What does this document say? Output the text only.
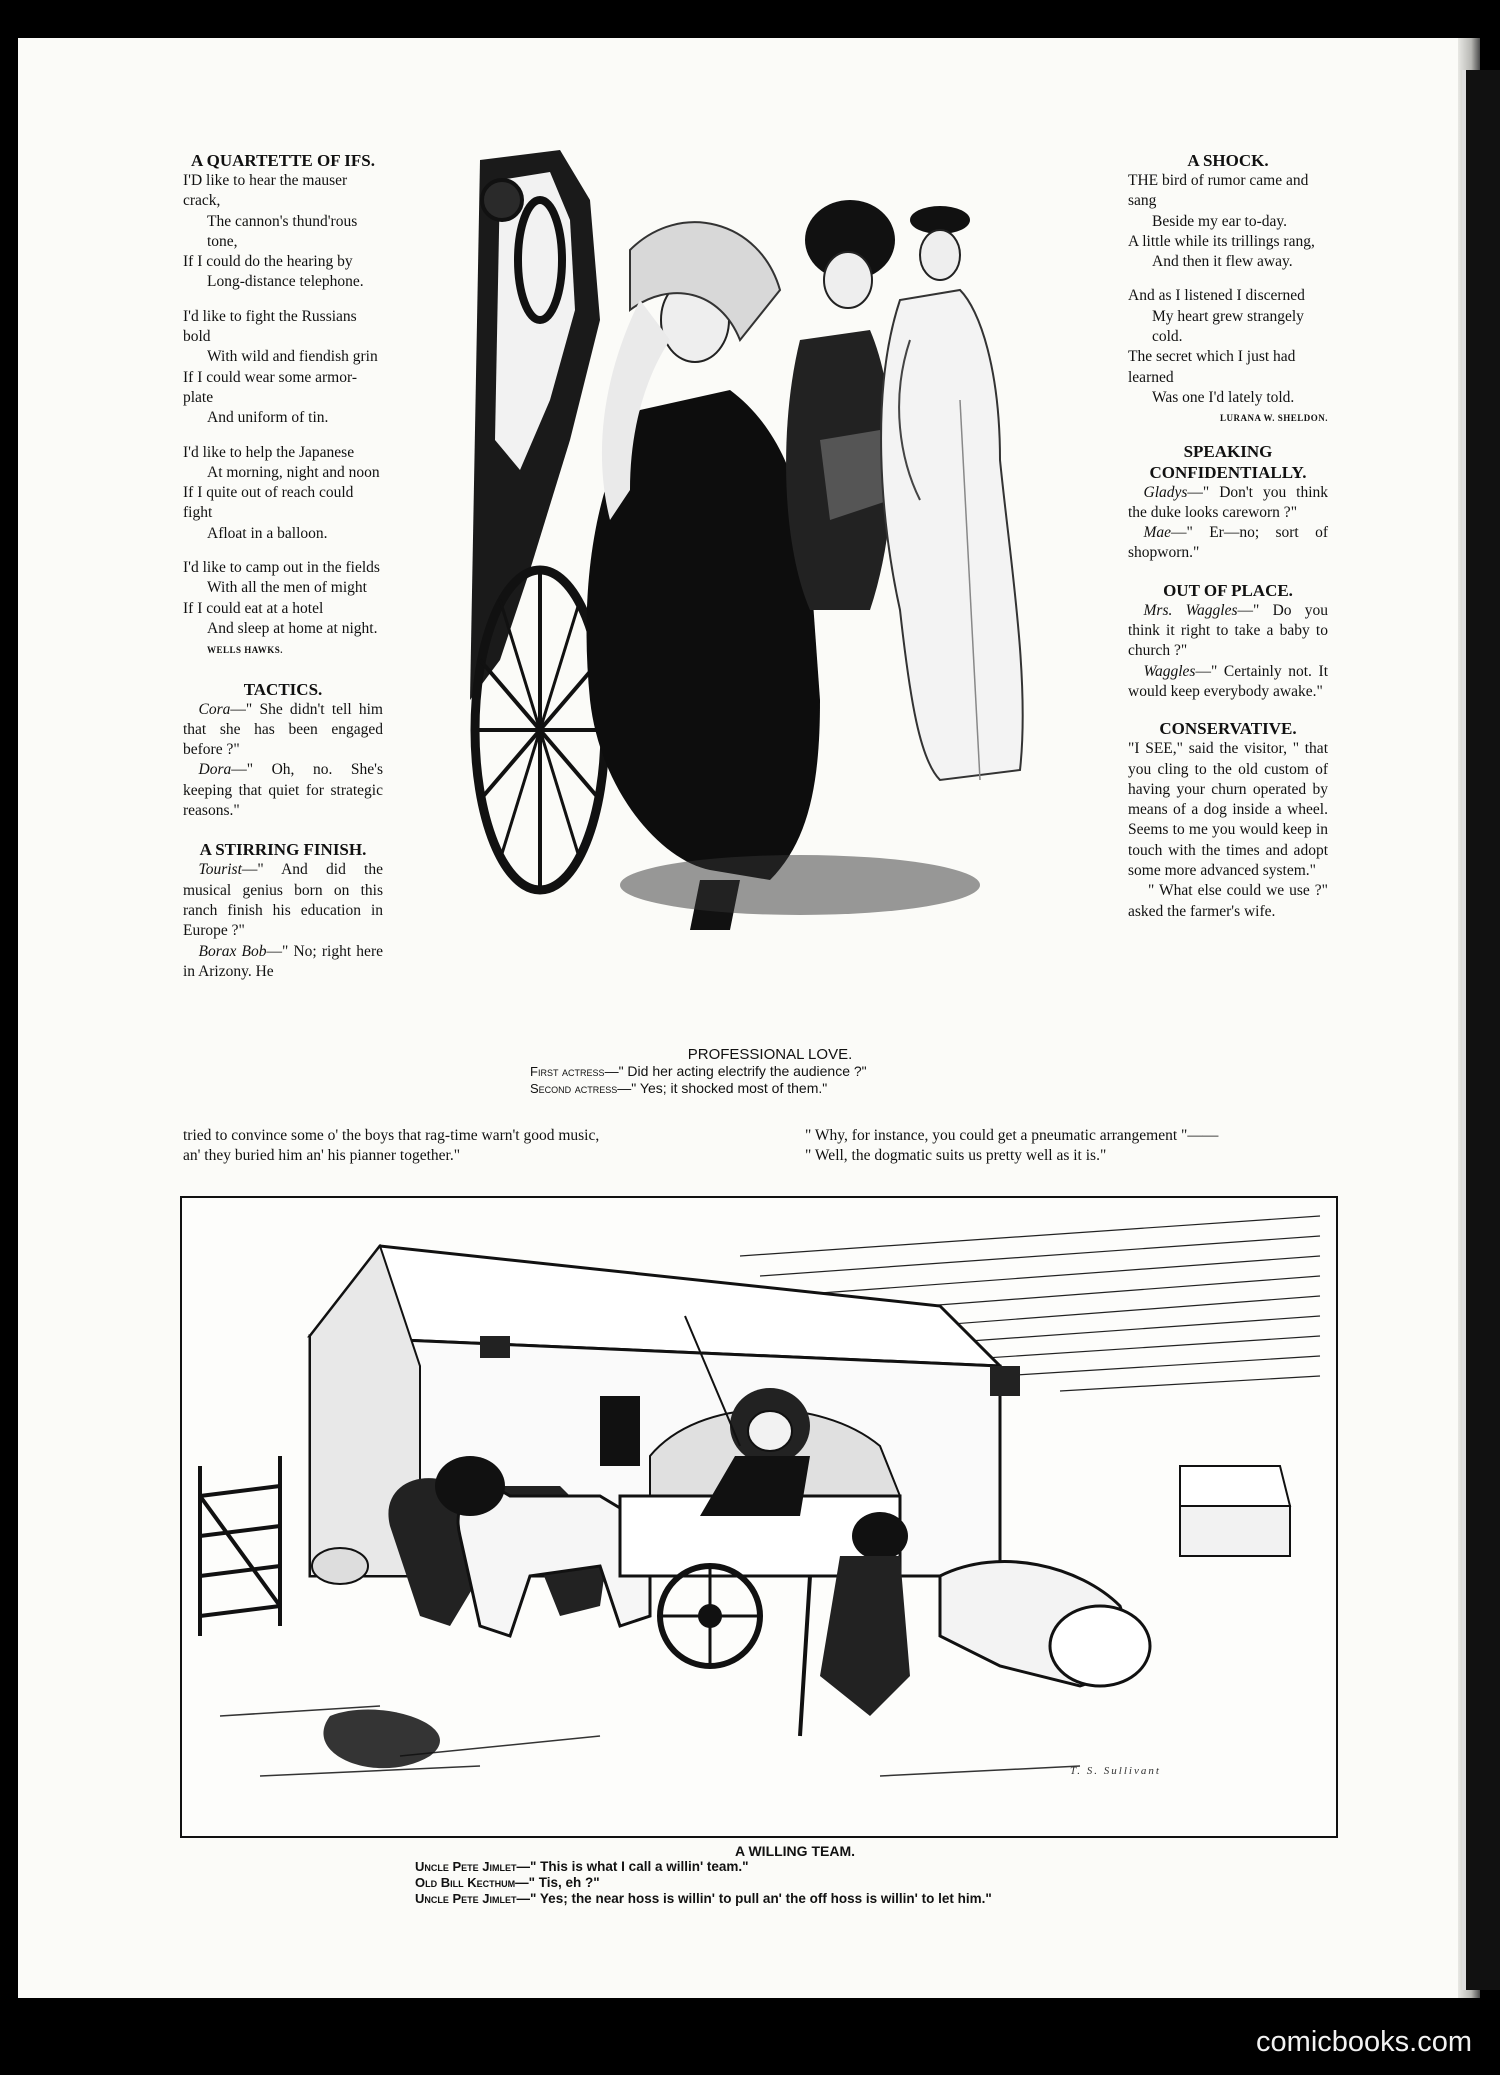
A QUARTETTE OF IFS.

I'D like to hear the mauser crack,

The cannon's thund'rous tone,

If I could do the hearing by

Long-distance telephone.

I'd like to fight the Russians bold

With wild and fiendish grin

If I could wear some armor-plate

And uniform of tin.

I'd like to help the Japanese

At morning, night and noon

If I quite out of reach could fight

Afloat in a balloon.

I'd like to camp out in the fields

With all the men of might

If I could eat at a hotel

And sleep at home at night. WELLS HAWKS.

TACTICS.

 Cora—" She didn't tell him that she has been engaged before ?"

 Dora—" Oh, no. She's keeping that quiet for strategic reasons."

A STIRRING FINISH.

 Tourist—" And did the musical genius born on this ranch finish his education in Europe ?"

 Borax Bob—" No; right here in Arizony. He

tried to convince some o' the boys that rag-time warn't good music,

an' they buried him an' his pianner together."

A SHOCK.

THE bird of rumor came and sang

Beside my ear to-day.

A little while its trillings rang,

And then it flew away.

And as I listened I discerned

My heart grew strangely cold.

The secret which I just had learned

Was one I'd lately told.

LURANA W. SHELDON.

SPEAKING CONFIDENTIALLY.

 Gladys—" Don't you think the duke looks careworn ?"

 Mae—" Er—no; sort of shopworn."

OUT OF PLACE.

 Mrs. Waggles—" Do you think it right to take a baby to church ?"

 Waggles—" Certainly not. It would keep everybody awake."

CONSERVATIVE.

"I SEE," said the visitor, " that you cling to the old custom of having your churn operated by means of a dog inside a wheel. Seems to me you would keep in touch with the times and adopt some more advanced system."

" What else could we use ?" asked the farmer's wife.

" Why, for instance, you could get a pneumatic arrangement "——

" Well, the dogmatic suits us pretty well as it is."

PROFESSIONAL LOVE.
First actress—" Did her acting electrify the audience ?"
Second actress—" Yes; it shocked most of them."
T. S. Sullivant
A WILLING TEAM.
Uncle Pete Jimlet—" This is what I call a willin' team."
Old Bill Kecthum—" Tis, eh ?"
Uncle Pete Jimlet—" Yes; the near hoss is willin' to pull an' the off hoss is willin' to let him."
comicbooks.com
